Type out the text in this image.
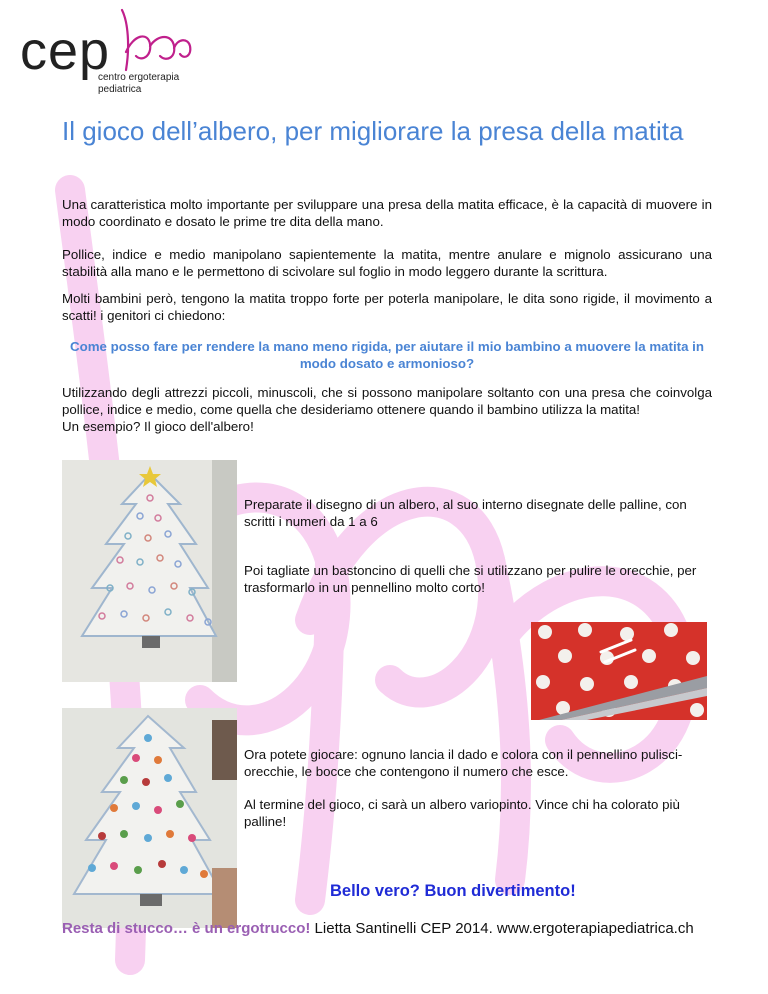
cep
centro ergoterapia
pediatrica
Il gioco dell’albero, per migliorare la presa della matita

Una caratteristica molto importante per sviluppare una presa della matita efficace, è la capacità di muovere in modo coordinato e dosato le prime tre dita della mano.

Pollice, indice e medio manipolano sapientemente la matita, mentre anulare e mignolo assicurano una stabilità alla mano e le permettono di scivolare sul foglio in modo leggero durante la scrittura.

Molti bambini però, tengono la matita troppo forte per poterla manipolare, le dita sono rigide, il movimento a scatti! i genitori ci chiedono:

Come posso fare per rendere la mano meno rigida, per aiutare il mio bambino a muovere la matita in modo dosato e armonioso?

Utilizzando degli attrezzi piccoli, minuscoli, che si possono manipolare soltanto con una presa che coinvolga pollice, indice e medio, come quella che desideriamo ottenere quando il bambino utilizza la matita!
Un esempio? Il gioco dell'albero!

Preparate il disegno di un albero, al suo interno disegnate delle palline, con scritti i numeri da 1 a 6

Poi tagliate un bastoncino di quelli che si utilizzano per pulire le orecchie, per trasformarlo in un pennellino molto corto!

Ora potete giocare: ognuno lancia il dado e colora con il pennellino pulisci-orecchie, le bocce che contengono il numero che esce.

Al termine del gioco, ci sarà un albero variopinto. Vince chi ha colorato più palline!

Bello vero? Buon divertimento!
Resta di stucco… è un ergotrucco! Lietta Santinelli CEP 2014. www.ergoterapiapediatrica.ch
